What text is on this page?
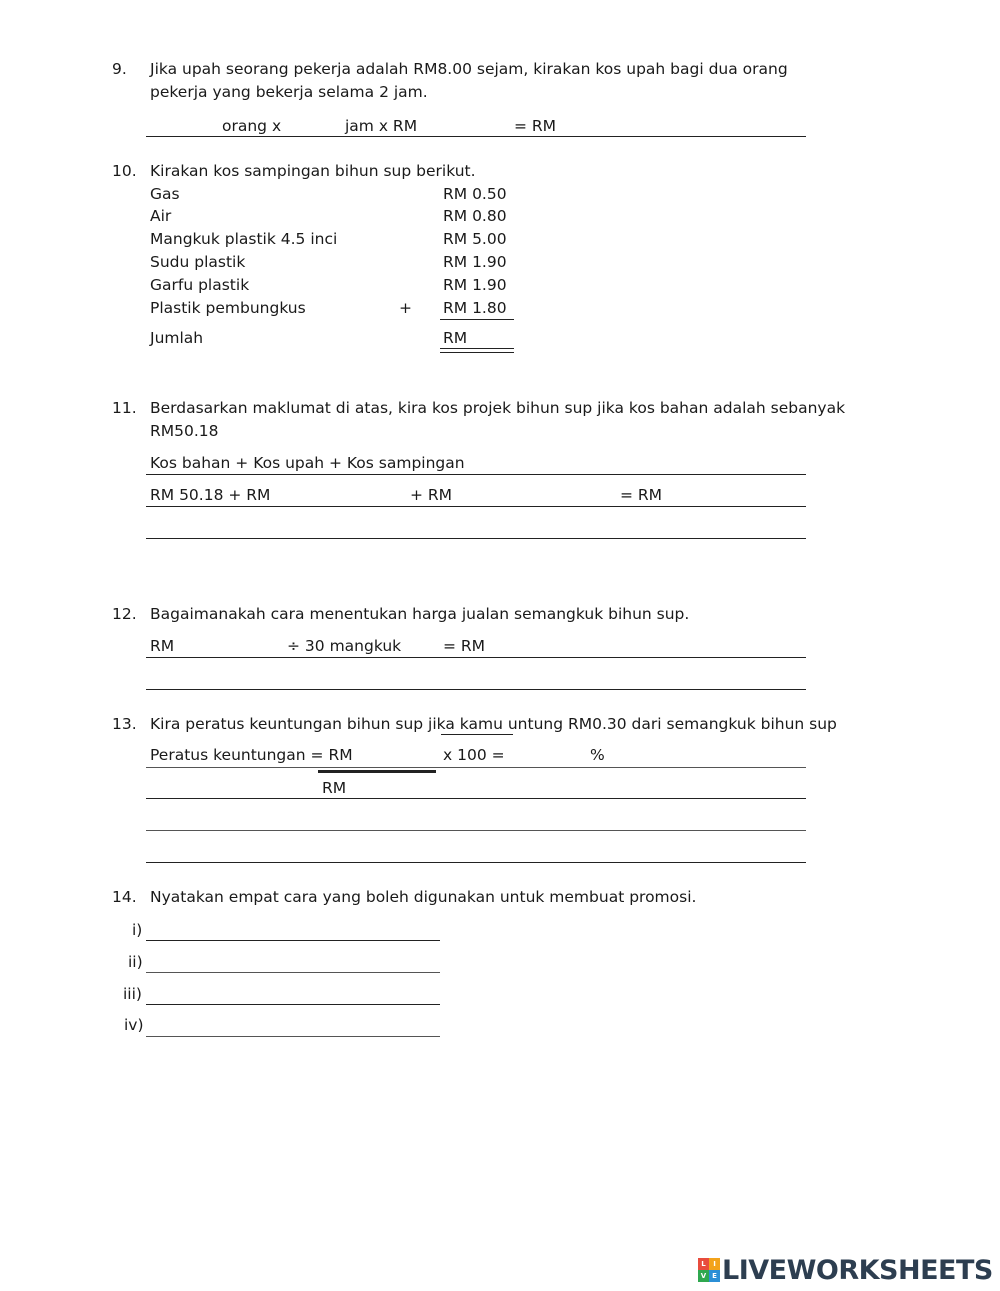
9. Jika upah seorang pekerja adalah RM8.00 sejam, kirakan kos upah bagi dua orang
pekerja yang bekerja selama 2 jam.
orang x	jam x RM	= RM
10. Kirakan kos sampingan bihun sup berikut.
Gas	RM 0.50
Air	RM 0.80
Mangkuk plastik 4.5 inci	RM 5.00
Sudu plastik	RM 1.90
Garfu plastik	RM 1.90
Plastik pembungkus	+ RM 1.80
Jumlah	RM
11. Berdasarkan maklumat di atas, kira kos projek bihun sup jika kos bahan adalah sebanyak
RM50.18
Kos bahan + Kos upah + Kos sampingan
RM 50.18 + RM	+ RM	= RM
12. Bagaimanakah cara menentukan harga jualan semangkuk bihun sup.
RM	÷ 30 mangkuk	= RM
13. Kira peratus keuntungan bihun sup jika kamu untung RM0.30 dari semangkuk bihun sup
Peratus keuntungan = RM	x 100 =	%
RM
14. Nyatakan empat cara yang boleh digunakan untuk membuat promosi.
i)
ii)
iii)
iv)
L	I
V E LIVEWORKSHEETS
